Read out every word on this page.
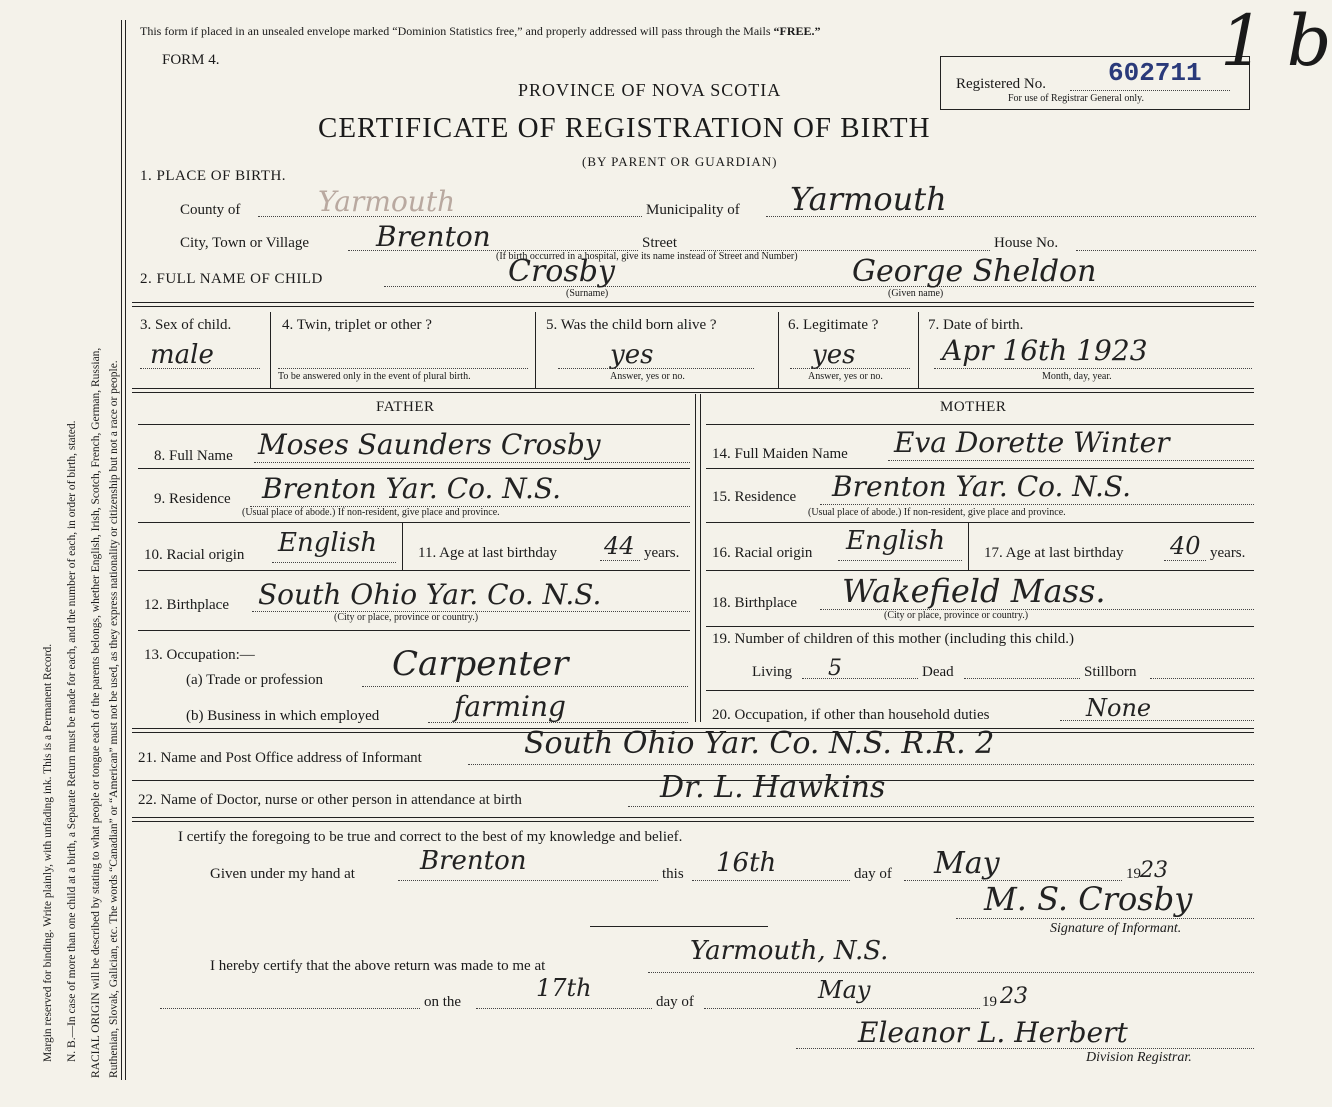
Margin reserved for binding. Write plainly, with unfading ink. This is a Permanent Record. N. B.—In case of more than one child at a birth, a Separate Return must be made for each, and the number of each, in order of birth, stated. RACIAL ORIGIN will be described by stating to what people or tongue each of the parents belongs, whether English, Irish, Scotch, French, German, Russian, Ruthenian, Slovak, Galician, etc. The words “Canadian” or “American” must not be used, as they express nationality or citizenship but not a race or people.
This form if placed in an unsealed envelope marked “Dominion Statistics free,” and properly addressed will pass through the Mails “FREE.”
FORM 4.
PROVINCE OF NOVA SCOTIA
CERTIFICATE OF REGISTRATION OF BIRTH
(BY PARENT OR GUARDIAN)
Registered No. 602711
For use of Registrar General only.
1 b
1. PLACE OF BIRTH.
County of	Yarmouth	Municipality of Yarmouth
City, Town or Village Brenton	Street	House No.
(If birth occurred in a hospital, give its name instead of Street and Number)
2. FULL NAME OF CHILD	Crosby
(Surname)
George Sheldon
(Given name)
3. Sex of child.
male
4. Twin, triplet or other ?
To be answered only in the event of plural birth.
5. Was the child born alive ?
yes
Answer, yes or no.
6. Legitimate ?
yes
Answer, yes or no.
7. Date of birth.
Apr 16th 1923
Month, day, year.
FATHER	MOTHER
8. Full Name Moses Saunders Crosby
9. Residence Brenton Yar. Co. N.S.
(Usual place of abode.) If non-resident, give place and province.
10. Racial origin English	11. Age at last birthday 44 years.
12. Birthplace South Ohio Yar. Co. N.S.
(City or place, province or country.)
13. Occupation:—
(a) Trade or profession Carpenter
(b) Business in which employed	farming
14. Full Maiden Name Eva Dorette Winter
15. Residence Brenton Yar. Co. N.S.
(Usual place of abode.) If non-resident, give place and province.
16. Racial origin English	17. Age at last birthday 40 years.
18. Birthplace Wakefield Mass.
(City or place, province or country.)
19. Number of children of this mother (including this child.)
Living 5	Dead	Stillborn
20. Occupation, if other than household duties	None
21. Name and Post Office address of Informant	South Ohio Yar. Co. N.S. R.R. 2
22. Name of Doctor, nurse or other person in attendance at birth	Dr. L. Hawkins
I certify the foregoing to be true and correct to the best of my knowledge and belief.
Given under my hand at	Brenton	this 16th	day of May	19 23
M. S. Crosby
Signature of Informant.
I hereby certify that the above return was made to me at	Yarmouth, N.S.
on the	17th	day of	May	19 23
Eleanor L. Herbert
Division Registrar.
